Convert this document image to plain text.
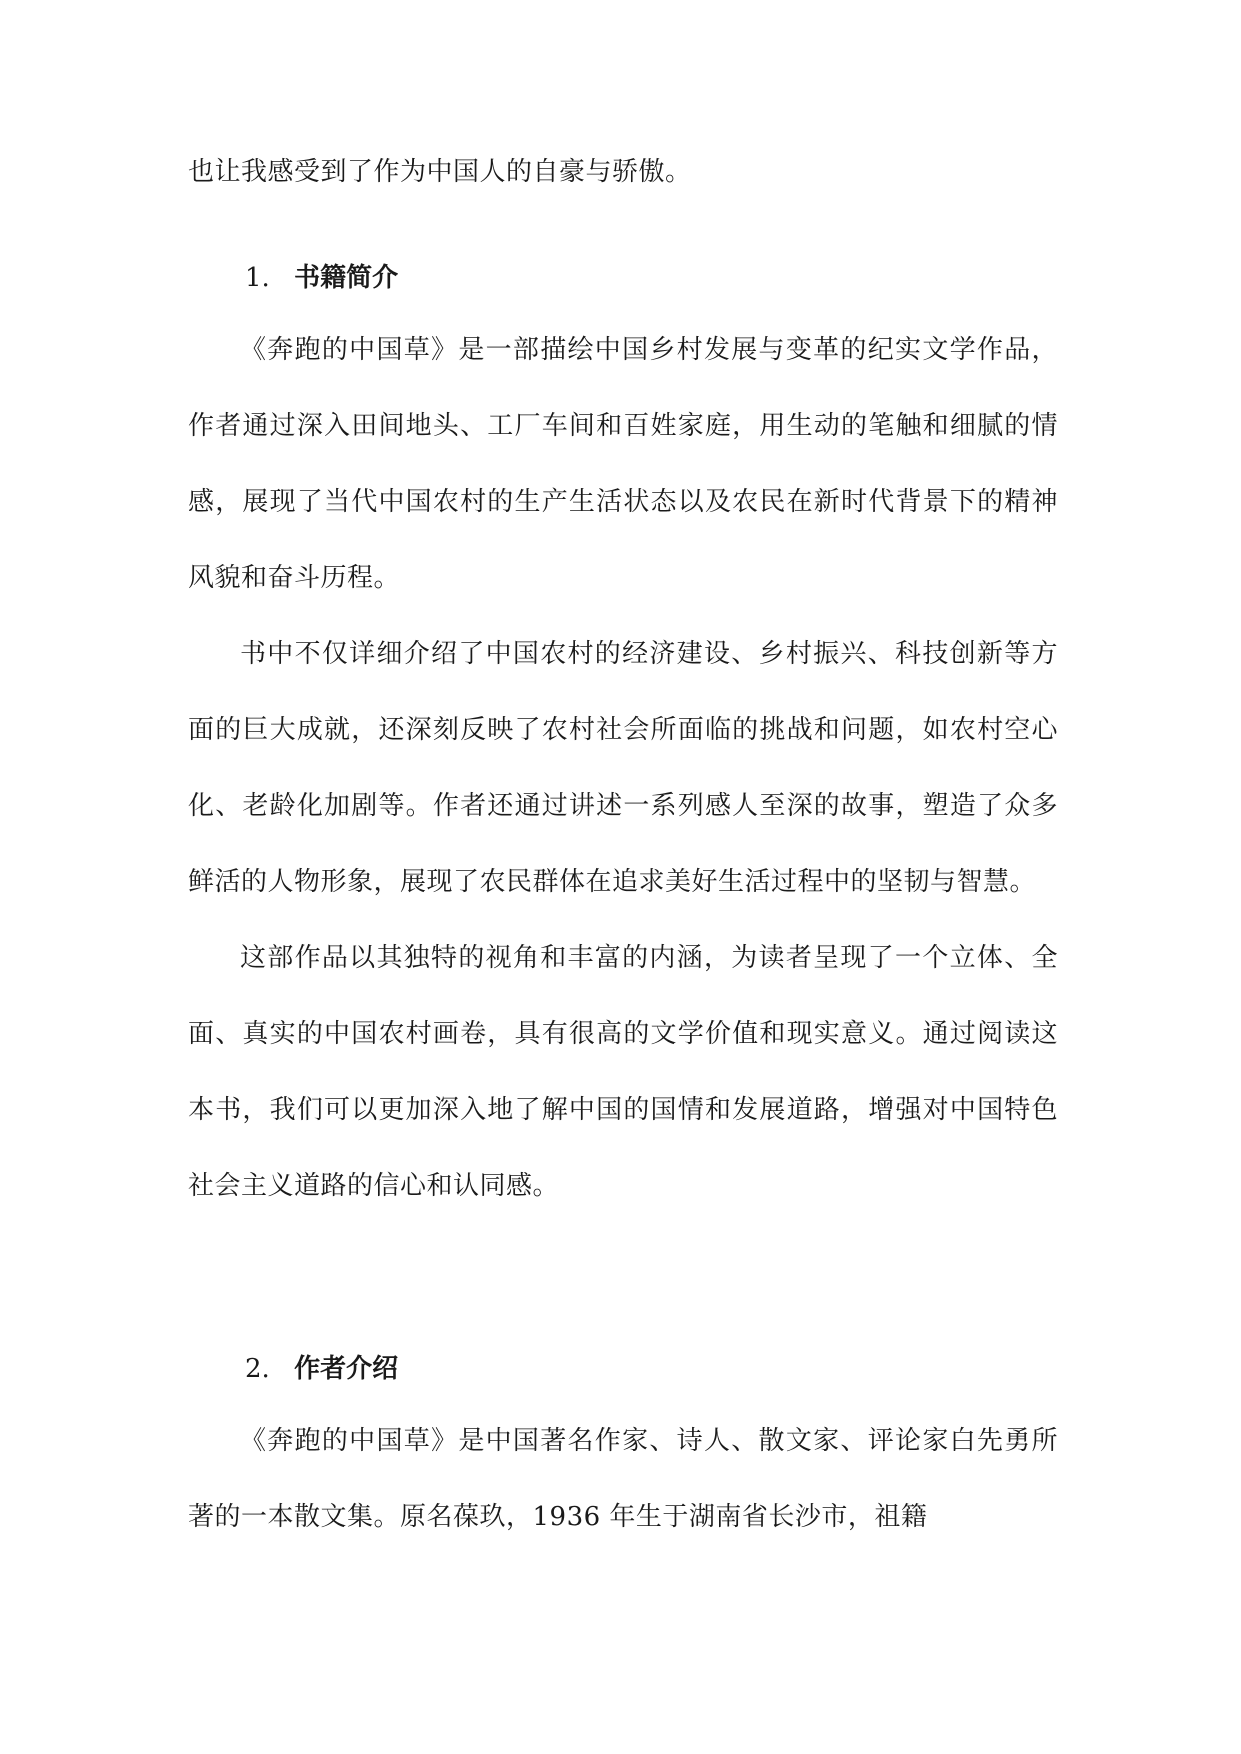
也让我感受到了作为中国人的自豪与骄傲。
1. 书籍简介
《奔跑的中国草》是一部描绘中国乡村发展与变革的纪实文学作品，作者通过深入田间地头、工厂车间和百姓家庭，用生动的笔触和细腻的情感，展现了当代中国农村的生产生活状态以及农民在新时代背景下的精神风貌和奋斗历程。
书中不仅详细介绍了中国农村的经济建设、乡村振兴、科技创新等方面的巨大成就，还深刻反映了农村社会所面临的挑战和问题，如农村空心化、老龄化加剧等。作者还通过讲述一系列感人至深的故事，塑造了众多鲜活的人物形象，展现了农民群体在追求美好生活过程中的坚韧与智慧。
这部作品以其独特的视角和丰富的内涵，为读者呈现了一个立体、全面、真实的中国农村画卷，具有很高的文学价值和现实意义。通过阅读这本书，我们可以更加深入地了解中国的国情和发展道路，增强对中国特色社会主义道路的信心和认同感。
2. 作者介绍
《奔跑的中国草》是中国著名作家、诗人、散文家、评论家白先勇所著的一本散文集。原名葆玖，1936 年生于湖南省长沙市，祖籍
